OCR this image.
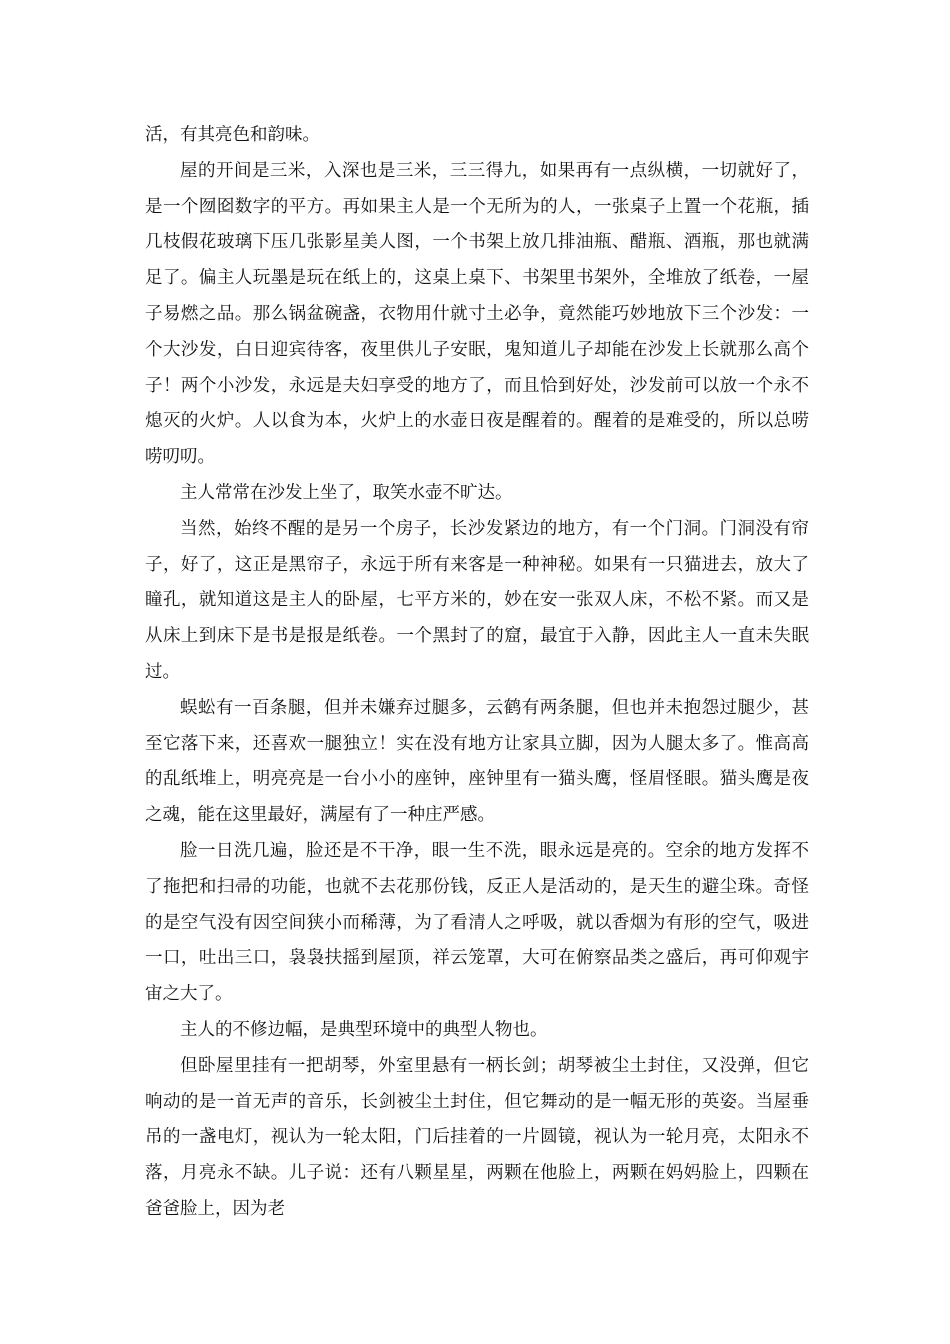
活，有其亮色和韵味。

屋的开间是三米，入深也是三米，三三得九，如果再有一点纵横，一切就好了，是一个囫囵数字的平方。再如果主人是一个无所为的人，一张桌子上置一个花瓶，插几枝假花玻璃下压几张影星美人图，一个书架上放几排油瓶、醋瓶、酒瓶，那也就满足了。偏主人玩墨是玩在纸上的，这桌上桌下、书架里书架外，全堆放了纸卷，一屋子易燃之品。那么锅盆碗盏，衣物用什就寸土必争，竟然能巧妙地放下三个沙发：一个大沙发，白日迎宾待客，夜里供儿子安眠，鬼知道儿子却能在沙发上长就那么高个子！两个小沙发，永远是夫妇享受的地方了，而且恰到好处，沙发前可以放一个永不熄灭的火炉。人以食为本，火炉上的水壶日夜是醒着的。醒着的是难受的，所以总唠唠叨叨。

主人常常在沙发上坐了，取笑水壶不旷达。

当然，始终不醒的是另一个房子，长沙发紧边的地方，有一个门洞。门洞没有帘子，好了，这正是黑帘子，永远于所有来客是一种神秘。如果有一只猫进去，放大了瞳孔，就知道这是主人的卧屋，七平方米的，妙在安一张双人床，不松不紧。而又是从床上到床下是书是报是纸卷。一个黑封了的窟，最宜于入静，因此主人一直未失眠过。

蜈蚣有一百条腿，但并未嫌弃过腿多，云鹤有两条腿，但也并未抱怨过腿少，甚至它落下来，还喜欢一腿独立！实在没有地方让家具立脚，因为人腿太多了。惟高高的乱纸堆上，明亮亮是一台小小的座钟，座钟里有一猫头鹰，怪眉怪眼。猫头鹰是夜之魂，能在这里最好，满屋有了一种庄严感。

脸一日洗几遍，脸还是不干净，眼一生不洗，眼永远是亮的。空余的地方发挥不了拖把和扫帚的功能，也就不去花那份钱，反正人是活动的，是天生的避尘珠。奇怪的是空气没有因空间狭小而稀薄，为了看清人之呼吸，就以香烟为有形的空气，吸进一口，吐出三口，袅袅扶摇到屋顶，祥云笼罩，大可在俯察品类之盛后，再可仰观宇宙之大了。

主人的不修边幅，是典型环境中的典型人物也。

但卧屋里挂有一把胡琴，外室里悬有一柄长剑；胡琴被尘土封住，又没弹，但它响动的是一首无声的音乐，长剑被尘土封住，但它舞动的是一幅无形的英姿。当屋垂吊的一盏电灯，视认为一轮太阳，门后挂着的一片圆镜，视认为一轮月亮，太阳永不落，月亮永不缺。儿子说：还有八颗星星，两颗在他脸上，两颗在妈妈脸上，四颗在爸爸脸上，因为老
